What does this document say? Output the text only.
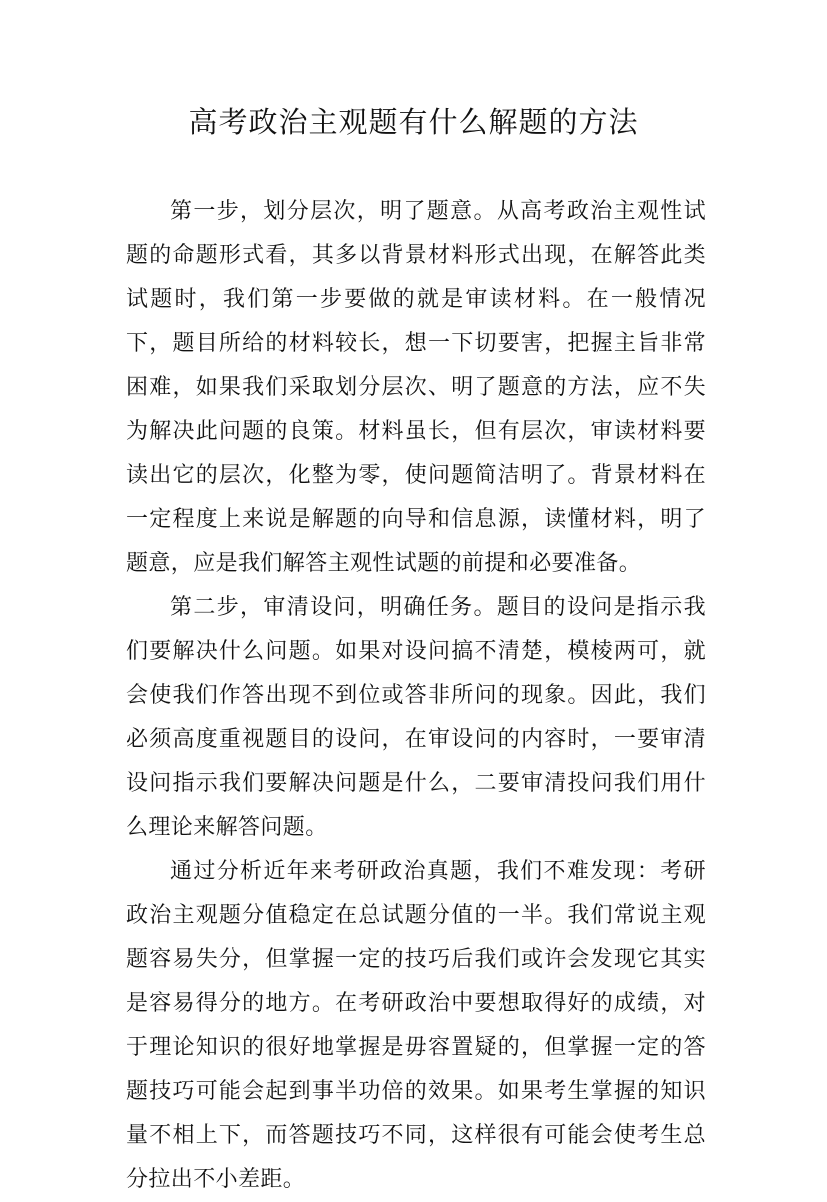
高考政治主观题有什么解题的方法

第一步，划分层次，明了题意。从高考政治主观性试题的命题形式看，其多以背景材料形式出现，在解答此类试题时，我们第一步要做的就是审读材料。在一般情况下，题目所给的材料较长，想一下切要害，把握主旨非常困难，如果我们采取划分层次、明了题意的方法，应不失为解决此问题的良策。材料虽长，但有层次，审读材料要读出它的层次，化整为零，使问题简洁明了。背景材料在一定程度上来说是解题的向导和信息源，读懂材料，明了题意，应是我们解答主观性试题的前提和必要准备。

第二步，审清设问，明确任务。题目的设问是指示我们要解决什么问题。如果对设问搞不清楚，模棱两可，就会使我们作答出现不到位或答非所问的现象。因此，我们必须高度重视题目的设问，在审设问的内容时，一要审清设问指示我们要解决问题是什么，二要审清投问我们用什么理论来解答问题。

通过分析近年来考研政治真题，我们不难发现：考研政治主观题分值稳定在总试题分值的一半。我们常说主观题容易失分，但掌握一定的技巧后我们或许会发现它其实是容易得分的地方。在考研政治中要想取得好的成绩，对于理论知识的很好地掌握是毋容置疑的，但掌握一定的答题技巧可能会起到事半功倍的效果。如果考生掌握的知识量不相上下，而答题技巧不同，这样很有可能会使考生总分拉出不小差距。
